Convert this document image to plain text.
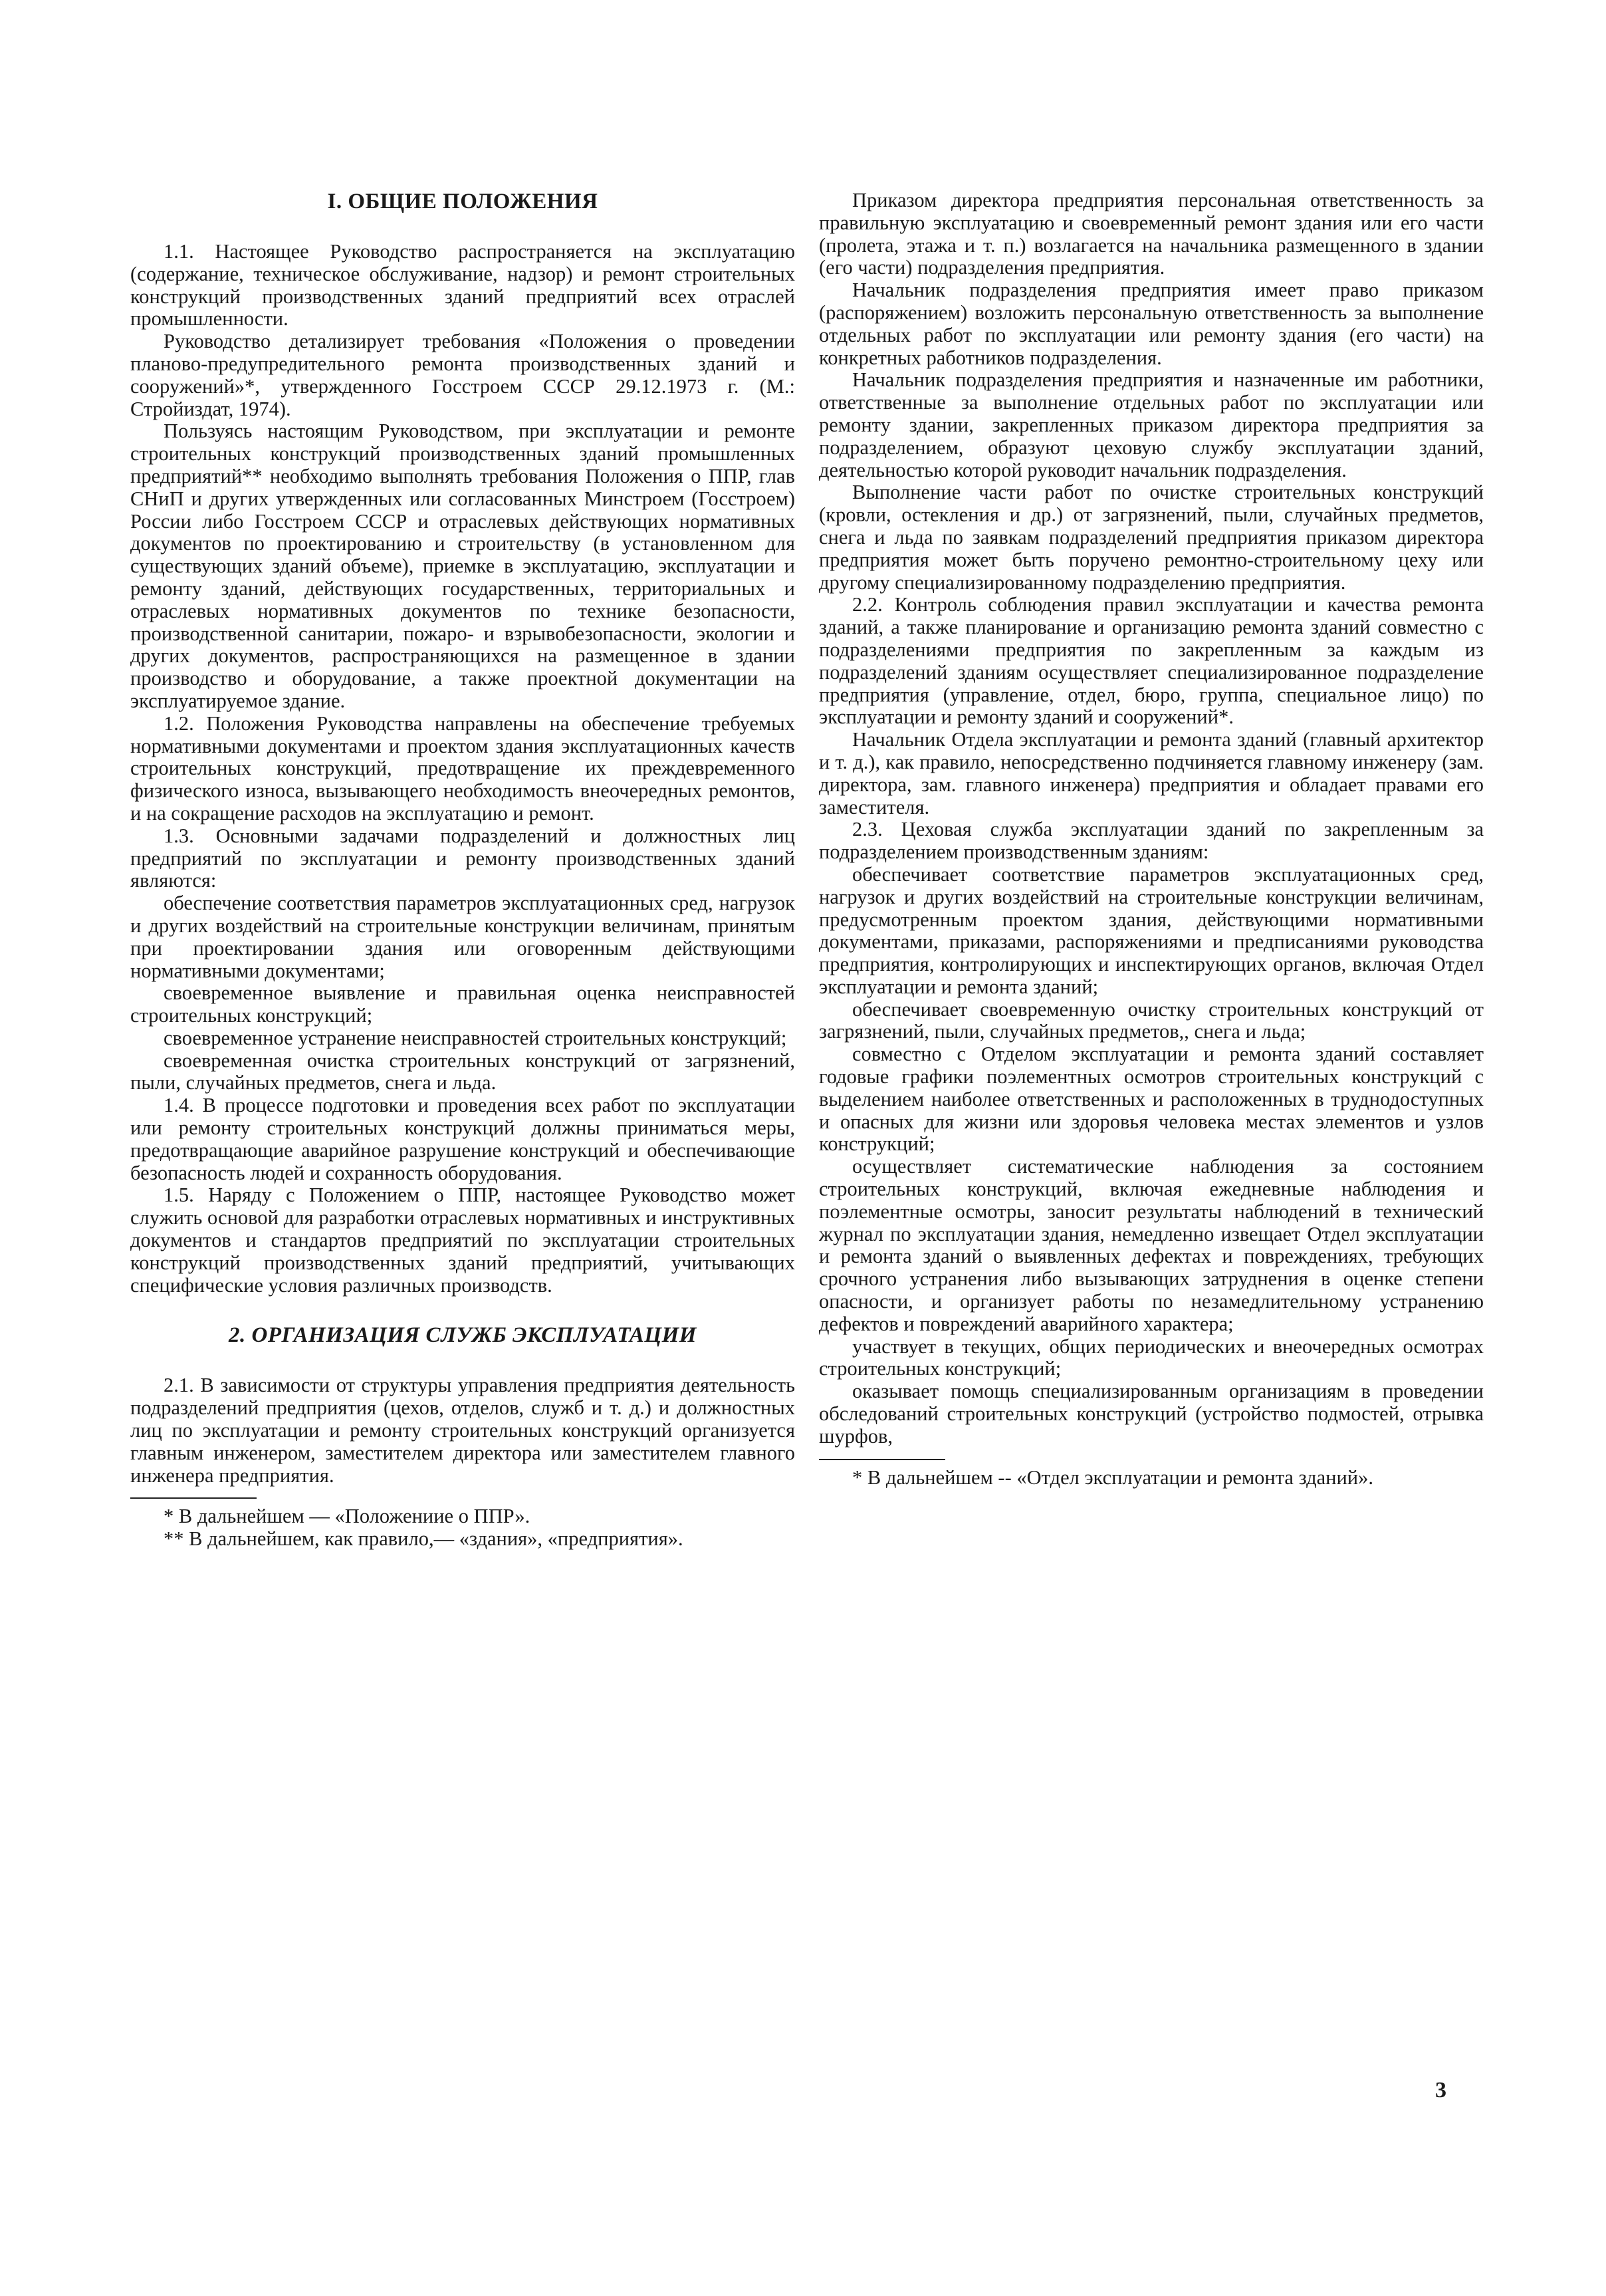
I. ОБЩИЕ ПОЛОЖЕНИЯ

1.1. Настоящее Руководство распространяется на эксплуатацию (содержание, техническое обслуживание, надзор) и ремонт строительных конструкций производственных зданий предприятий всех отраслей промышленности.

Руководство детализирует требования «Положения о проведении планово-предупредительного ремонта производственных зданий и сооружений»*, утвержденного Госстроем СССР 29.12.1973 г. (М.: Стройиздат, 1974).

Пользуясь настоящим Руководством, при эксплуатации и ремонте строительных конструкций производственных зданий промышленных предприятий** необходимо выполнять требования Положения о ППР, глав СНиП и других утвержденных или согласованных Минстроем (Госстроем) России либо Госстроем СССР и отраслевых действующих нормативных документов по проектированию и строительству (в установленном для существующих зданий объеме), приемке в эксплуатацию, эксплуатации и ремонту зданий, действующих государственных, территориальных и отраслевых нормативных документов по технике безопасности, производственной санитарии, пожаро- и взрывобезопасности, экологии и других документов, распространяющихся на размещенное в здании производство и оборудование, а также проектной документации на эксплуатируемое здание.

1.2. Положения Руководства направлены на обеспечение требуемых нормативными документами и проектом здания эксплуатационных качеств строительных конструкций, предотвращение их преждевременного физического износа, вызывающего необходимость внеочередных ремонтов, и на сокращение расходов на эксплуатацию и ремонт.

1.3. Основными задачами подразделений и должностных лиц предприятий по эксплуатации и ремонту производственных зданий являются:

обеспечение соответствия параметров эксплуатационных сред, нагрузок и других воздействий на строительные конструкции величинам, принятым при проектировании здания или оговоренным действующими нормативными документами;

своевременное выявление и правильная оценка неисправностей строительных конструкций;

своевременное устранение неисправностей строительных конструкций;

своевременная очистка строительных конструкций от загрязнений, пыли, случайных предметов, снега и льда.

1.4. В процессе подготовки и проведения всех работ по эксплуатации или ремонту строительных конструкций должны приниматься меры, предотвращающие аварийное разрушение конструкций и обеспечивающие безопасность людей и сохранность оборудования.

1.5. Наряду с Положением о ППР, настоящее Руководство может служить основой для разработки отраслевых нормативных и инструктивных документов и стандартов предприятий по эксплуатации строительных конструкций производственных зданий предприятий, учитывающих специфические условия различных производств.

2. ОРГАНИЗАЦИЯ СЛУЖБ ЭКСПЛУАТАЦИИ

2.1. В зависимости от структуры управления предприятия деятельность подразделений предприятия (цехов, отделов, служб и т. д.) и должностных лиц по эксплуатации и ремонту строительных конструкций организуется главным инженером, заместителем директора или заместителем главного инженера предприятия.

* В дальнейшем — «Положениие о ППР».

** В дальнейшем, как правило,— «здания», «предприятия».

Приказом директора предприятия персональная ответственность за правильную эксплуатацию и своевременный ремонт здания или его части (пролета, этажа и т. п.) возлагается на начальника размещенного в здании (его части) подразделения предприятия.

Начальник подразделения предприятия имеет право приказом (распоряжением) возложить персональную ответственность за выполнение отдельных работ по эксплуатации или ремонту здания (его части) на конкретных работников подразделения.

Начальник подразделения предприятия и назначенные им работники, ответственные за выполнение отдельных работ по эксплуатации или ремонту здании, закрепленных приказом директора предприятия за подразделением, образуют цеховую службу эксплуатации зданий, деятельностью которой руководит начальник подразделения.

Выполнение части работ по очистке строительных конструкций (кровли, остекления и др.) от загрязнений, пыли, случайных предметов, снега и льда по заявкам подразделений предприятия приказом директора предприятия может быть поручено ремонтно-строительному цеху или другому специализированному подразделению предприятия.

2.2. Контроль соблюдения правил эксплуатации и качества ремонта зданий, а также планирование и организацию ремонта зданий совместно с подразделениями предприятия по закрепленным за каждым из подразделений зданиям осуществляет специализированное подразделение предприятия (управление, отдел, бюро, группа, специальное лицо) по эксплуатации и ремонту зданий и сооружений*.

Начальник Отдела эксплуатации и ремонта зданий (главный архитектор и т. д.), как правило, непосредственно подчиняется главному инженеру (зам. директора, зам. главного инженера) предприятия и обладает правами его заместителя.

2.3. Цеховая служба эксплуатации зданий по закрепленным за подразделением производственным зданиям:

обеспечивает соответствие параметров эксплуатационных сред, нагрузок и других воздействий на строительные конструкции величинам, предусмотренным проектом здания, действующими нормативными документами, приказами, распоряжениями и предписаниями руководства предприятия, контролирующих и инспектирующих органов, включая Отдел эксплуатации и ремонта зданий;

обеспечивает своевременную очистку строительных конструкций от загрязнений, пыли, случайных предметов,, снега и льда;

совместно с Отделом эксплуатации и ремонта зданий составляет годовые графики поэлементных осмотров строительных конструкций с выделением наиболее ответственных и расположенных в труднодоступных и опасных для жизни или здоровья человека местах элементов и узлов конструкций;

осуществляет систематические наблюдения за состоянием строительных конструкций, включая ежедневные наблюдения и поэлементные осмотры, заносит результаты наблюдений в технический журнал по эксплуатации здания, немедленно извещает Отдел эксплуатации и ремонта зданий о выявленных дефектах и повреждениях, требующих срочного устранения либо вызывающих затруднения в оценке степени опасности, и организует работы по незамедлительному устранению дефектов и повреждений аварийного характера;

участвует в текущих, общих периодических и внеочередных осмотрах строительных конструкций;

оказывает помощь специализированным организациям в проведении обследований строительных конструкций (устройство подмостей, отрывка шурфов,

* В дальнейшем -- «Отдел эксплуатации и ремонта зданий».

3
